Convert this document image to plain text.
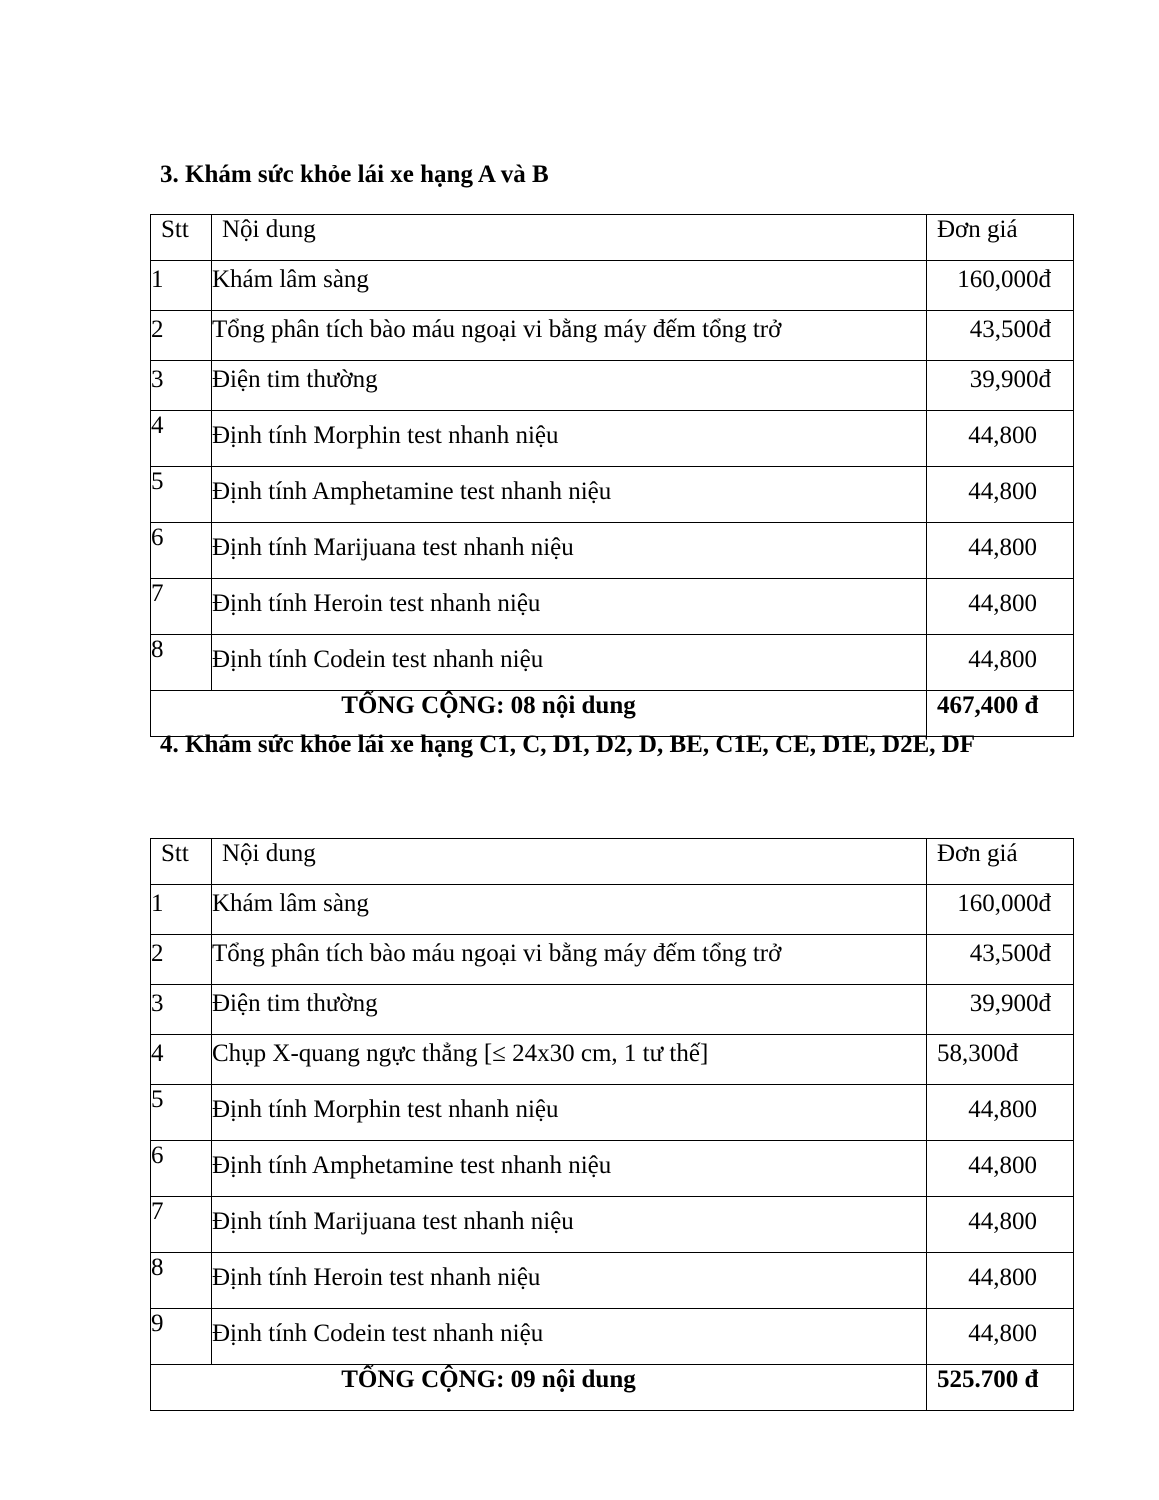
3. Khám sức khỏe lái xe hạng A và B
Stt	Nội dung	Đơn giá
1	Khám lâm sàng	160,000đ
2	Tổng phân tích bào máu ngoại vi bằng máy đếm tổng trở	43,500đ
3	Điện tim thường	39,900đ
4	Định tính Morphin test nhanh niệu	44,800
5	Định tính Amphetamine test nhanh niệu	44,800
6	Định tính Marijuana test nhanh niệu	44,800
7	Định tính Heroin test nhanh niệu	44,800
8	Định tính Codein test nhanh niệu	44,800
TỔNG CỘNG: 08 nội dung		467,400 đ
4. Khám sức khỏe lái xe hạng C1, C, D1, D2, D, BE, C1E, CE, D1E, D2E, DF
Stt	Nội dung	Đơn giá
1	Khám lâm sàng	160,000đ
2	Tổng phân tích bào máu ngoại vi bằng máy đếm tổng trở	43,500đ
3	Điện tim thường	39,900đ
4	Chụp X-quang ngực thẳng [≤ 24x30 cm, 1 tư thế]	58,300đ
5	Định tính Morphin test nhanh niệu	44,800
6	Định tính Amphetamine test nhanh niệu	44,800
7	Định tính Marijuana test nhanh niệu	44,800
8	Định tính Heroin test nhanh niệu	44,800
9	Định tính Codein test nhanh niệu	44,800
TỔNG CỘNG: 09 nội dung		525.700 đ
